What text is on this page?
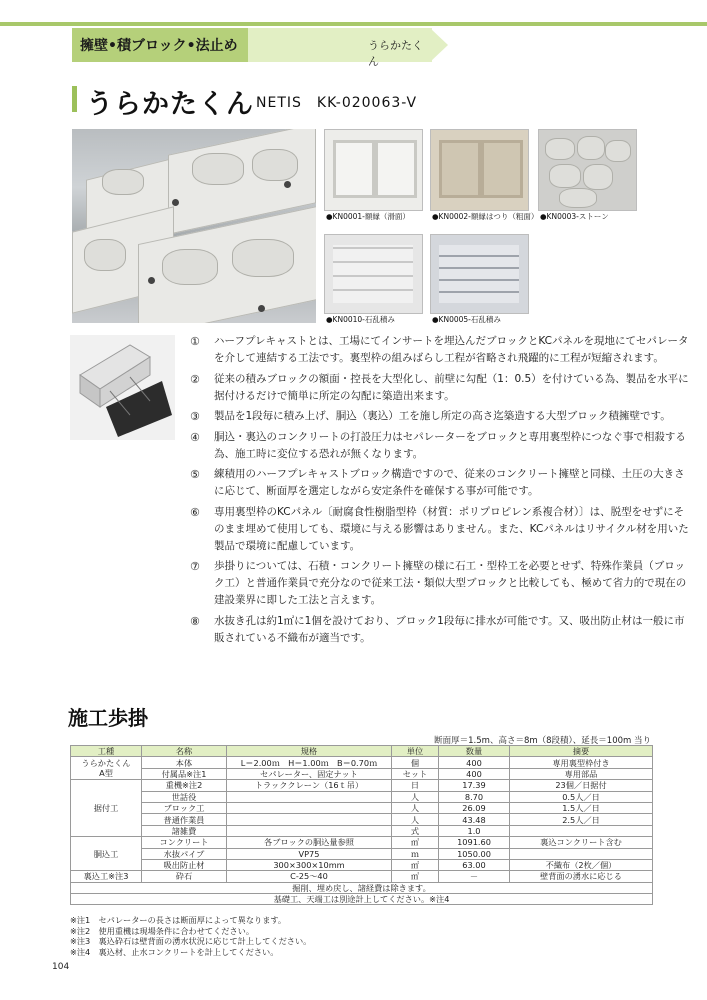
擁壁•積ブロック•法止め	うらかたくん
うらかたくん NETIS　KK-020063-V
●KN0001-額縁（滑面）	●KN0002-額縁はつり（粗面） ●KN0003-ストーン
●KN0010-石乱積み	●KN0005-石乱積み
① ハーフプレキャストとは、工場にてインサートを埋込んだブロックとKCパネルを現地にてセパレータを介して連結する工法です。裏型枠の組みばらし工程が省略され飛躍的に工程が短縮されます。
② 従来の積みブロックの額面・控長を大型化し、前壁に勾配（1：0.5）を付けている為、製品を水平に据付けるだけで簡単に所定の勾配に築造出来ます。
③ 製品を1段毎に積み上げ、胴込（裏込）工を施し所定の高さ迄築造する大型ブロック積擁壁です。
④ 胴込・裏込のコンクリートの打設圧力はセパレーターをブロックと専用裏型枠につなぐ事で相殺する為、施工時に変位する恐れが無くなります。
⑤ 練積用のハーフプレキャストブロック構造ですので、従来のコンクリート擁壁と同様、土圧の大きさに応じて、断面厚を選定しながら安定条件を確保する事が可能です。
⑥ 専用裏型枠のKCパネル〔耐腐食性樹脂型枠（材質：ポリプロピレン系複合材）〕は、脱型をせずにそのまま埋めて使用しても、環境に与える影響はありません。また、KCパネルはリサイクル材を用いた製品で環境に配慮しています。
⑦ 歩掛りについては、石積・コンクリート擁壁の様に石工・型枠工を必要とせず、特殊作業員（ブロック工）と普通作業員で充分なので従来工法・類似大型ブロックと比較しても、極めて省力的で現在の建設業界に即した工法と言えます。
⑧ 水抜き孔は約1㎡に1個を設けており、ブロック1段毎に排水が可能です。又、吸出防止材は一般に市販されている不織布が適当です。
施工歩掛
断面厚＝1.5m、高さ＝8m（8段積）、延長＝100m 当り
工種	名称	規格	単位	数量	摘要
うらかたくん
A型	本体	L＝2.00ｍ　H＝1.00ｍ　B＝0.70ｍ	個	400	専用裏型枠付き
	付属品※注1	セパレーター、固定ナット	セット	400	専用部品
据付工	重機※注2	トラッククレーン（16ｔ吊）	日	17.39	23個／日据付
	世話役		人	8.70	0.5人／日
	ブロック工		人	26.09	1.5人／日
	普通作業員		人	43.48	2.5人／日
	諸雑費		式	1.0	
胴込工	コンクリート	各ブロックの胴込量参照	㎥	1091.60	裏込コンクリート含む
	水抜パイプ	VP75	ｍ	1050.00	
	吸出防止材	300×300×10mm	㎡	63.00	不織布（2枚／個）
裏込工※注3	砕石	C-25～40	㎥	－	壁背面の湧水に応じる
掘削、埋め戻し、諸経費は除きます。					
基礎工、天端工は別途計上してください。※注4					
※注1　セパレーターの長さは断面厚によって異なります。
※注2　使用重機は現場条件に合わせてください。
※注3　裏込砕石は壁背面の湧水状況に応じて計上してください。
※注4　裏込材、止水コンクリートを計上してください。
104
